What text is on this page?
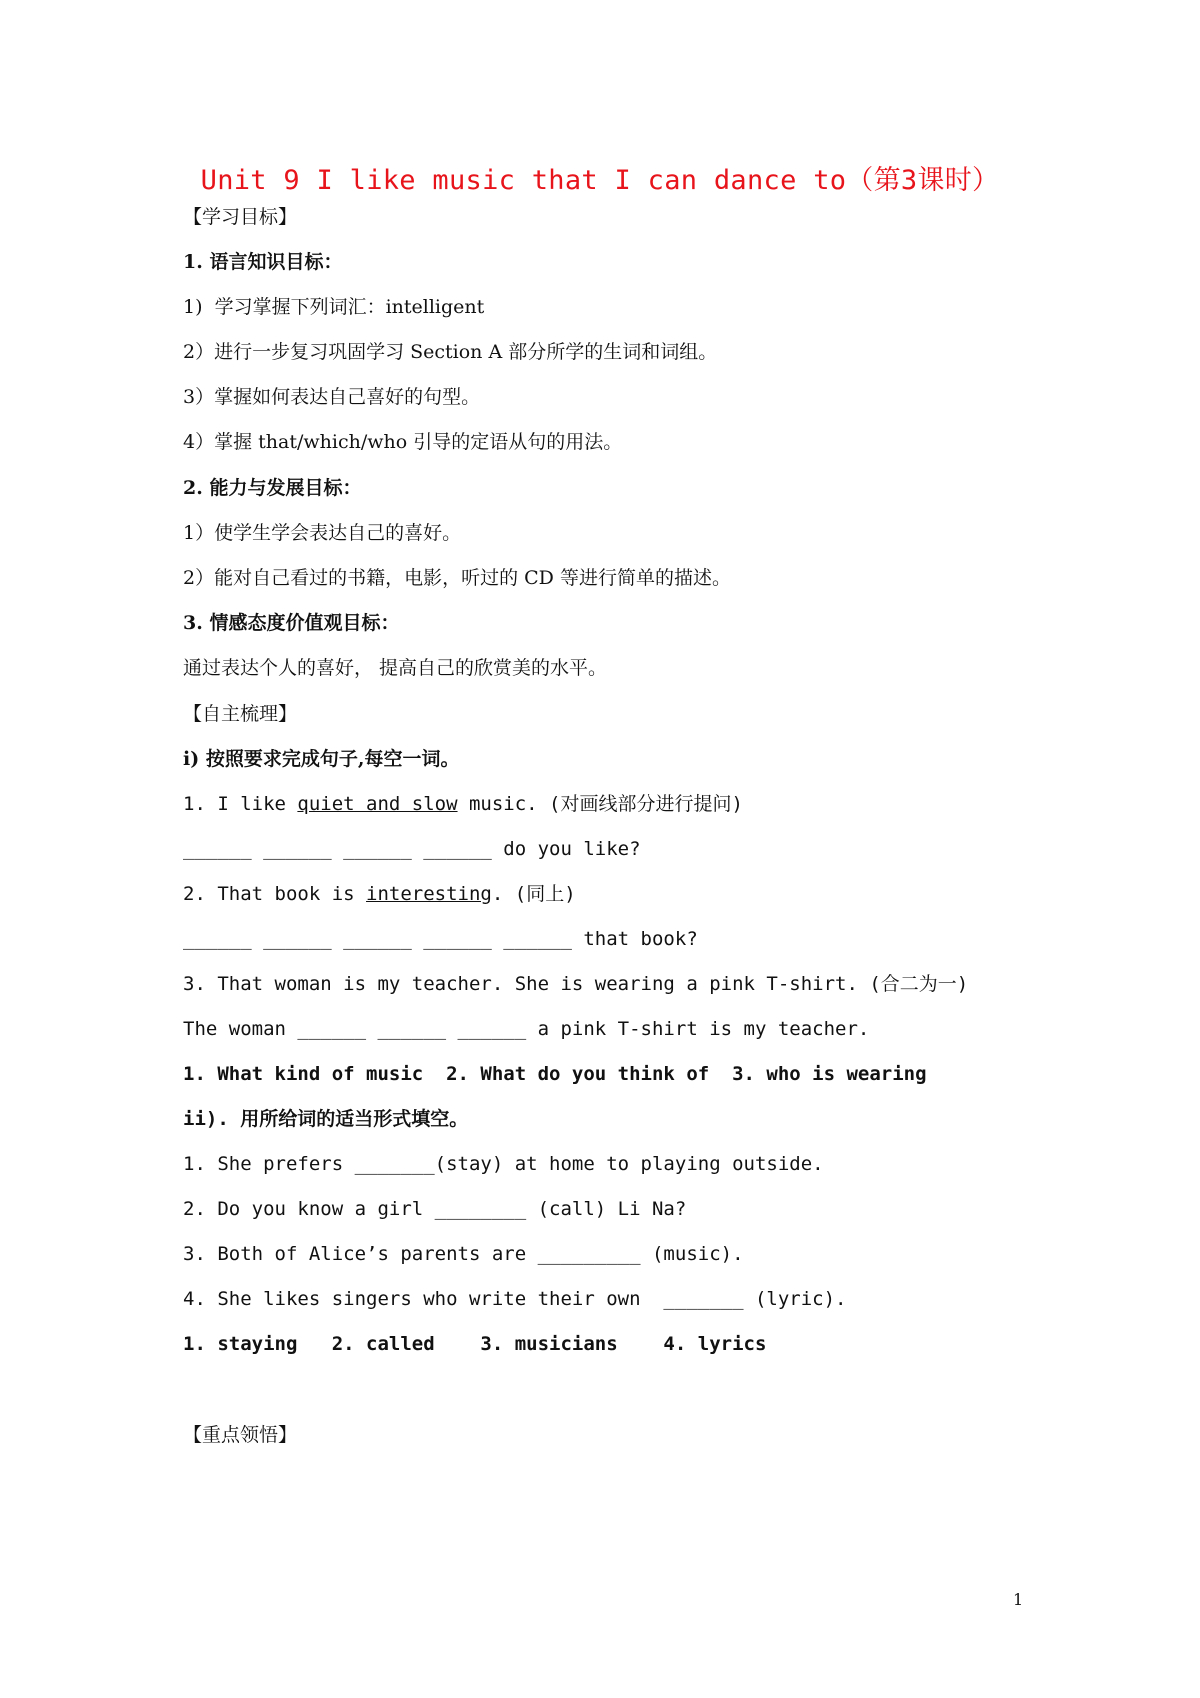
Unit 9 I like music that I can dance to（第3课时）
【学习目标】
1. 语言知识目标：
1)  学习掌握下列词汇：intelligent
2）进行一步复习巩固学习 Section A 部分所学的生词和词组。
3）掌握如何表达自己喜好的句型。
4）掌握 that/which/who 引导的定语从句的用法。
2. 能力与发展目标：
1）使学生学会表达自己的喜好。
2）能对自己看过的书籍，电影，听过的 CD 等进行简单的描述。
3. 情感态度价值观目标：
通过表达个人的喜好， 提高自己的欣赏美的水平。
【自主梳理】
i) 按照要求完成句子,每空一词。
1. I like quiet and slow music. (对画线部分进行提问)
______ ______ ______ ______ do you like?
2. That book is interesting. (同上)
______ ______ ______ ______ ______ that book?
3. That woman is my teacher. She is wearing a pink T-shirt. (合二为一)
The woman ______ ______ ______ a pink T-shirt is my teacher.
1. What kind of music  2. What do you think of  3. who is wearing
ii). 用所给词的适当形式填空。
1. She prefers _______(stay) at home to playing outside.
2. Do you know a girl ________ (call) Li Na?
3. Both of Alice’s parents are _________ (music).
4. She likes singers who write their own  _______ (lyric).
1. staying   2. called    3. musicians    4. lyrics
【重点领悟】
1
